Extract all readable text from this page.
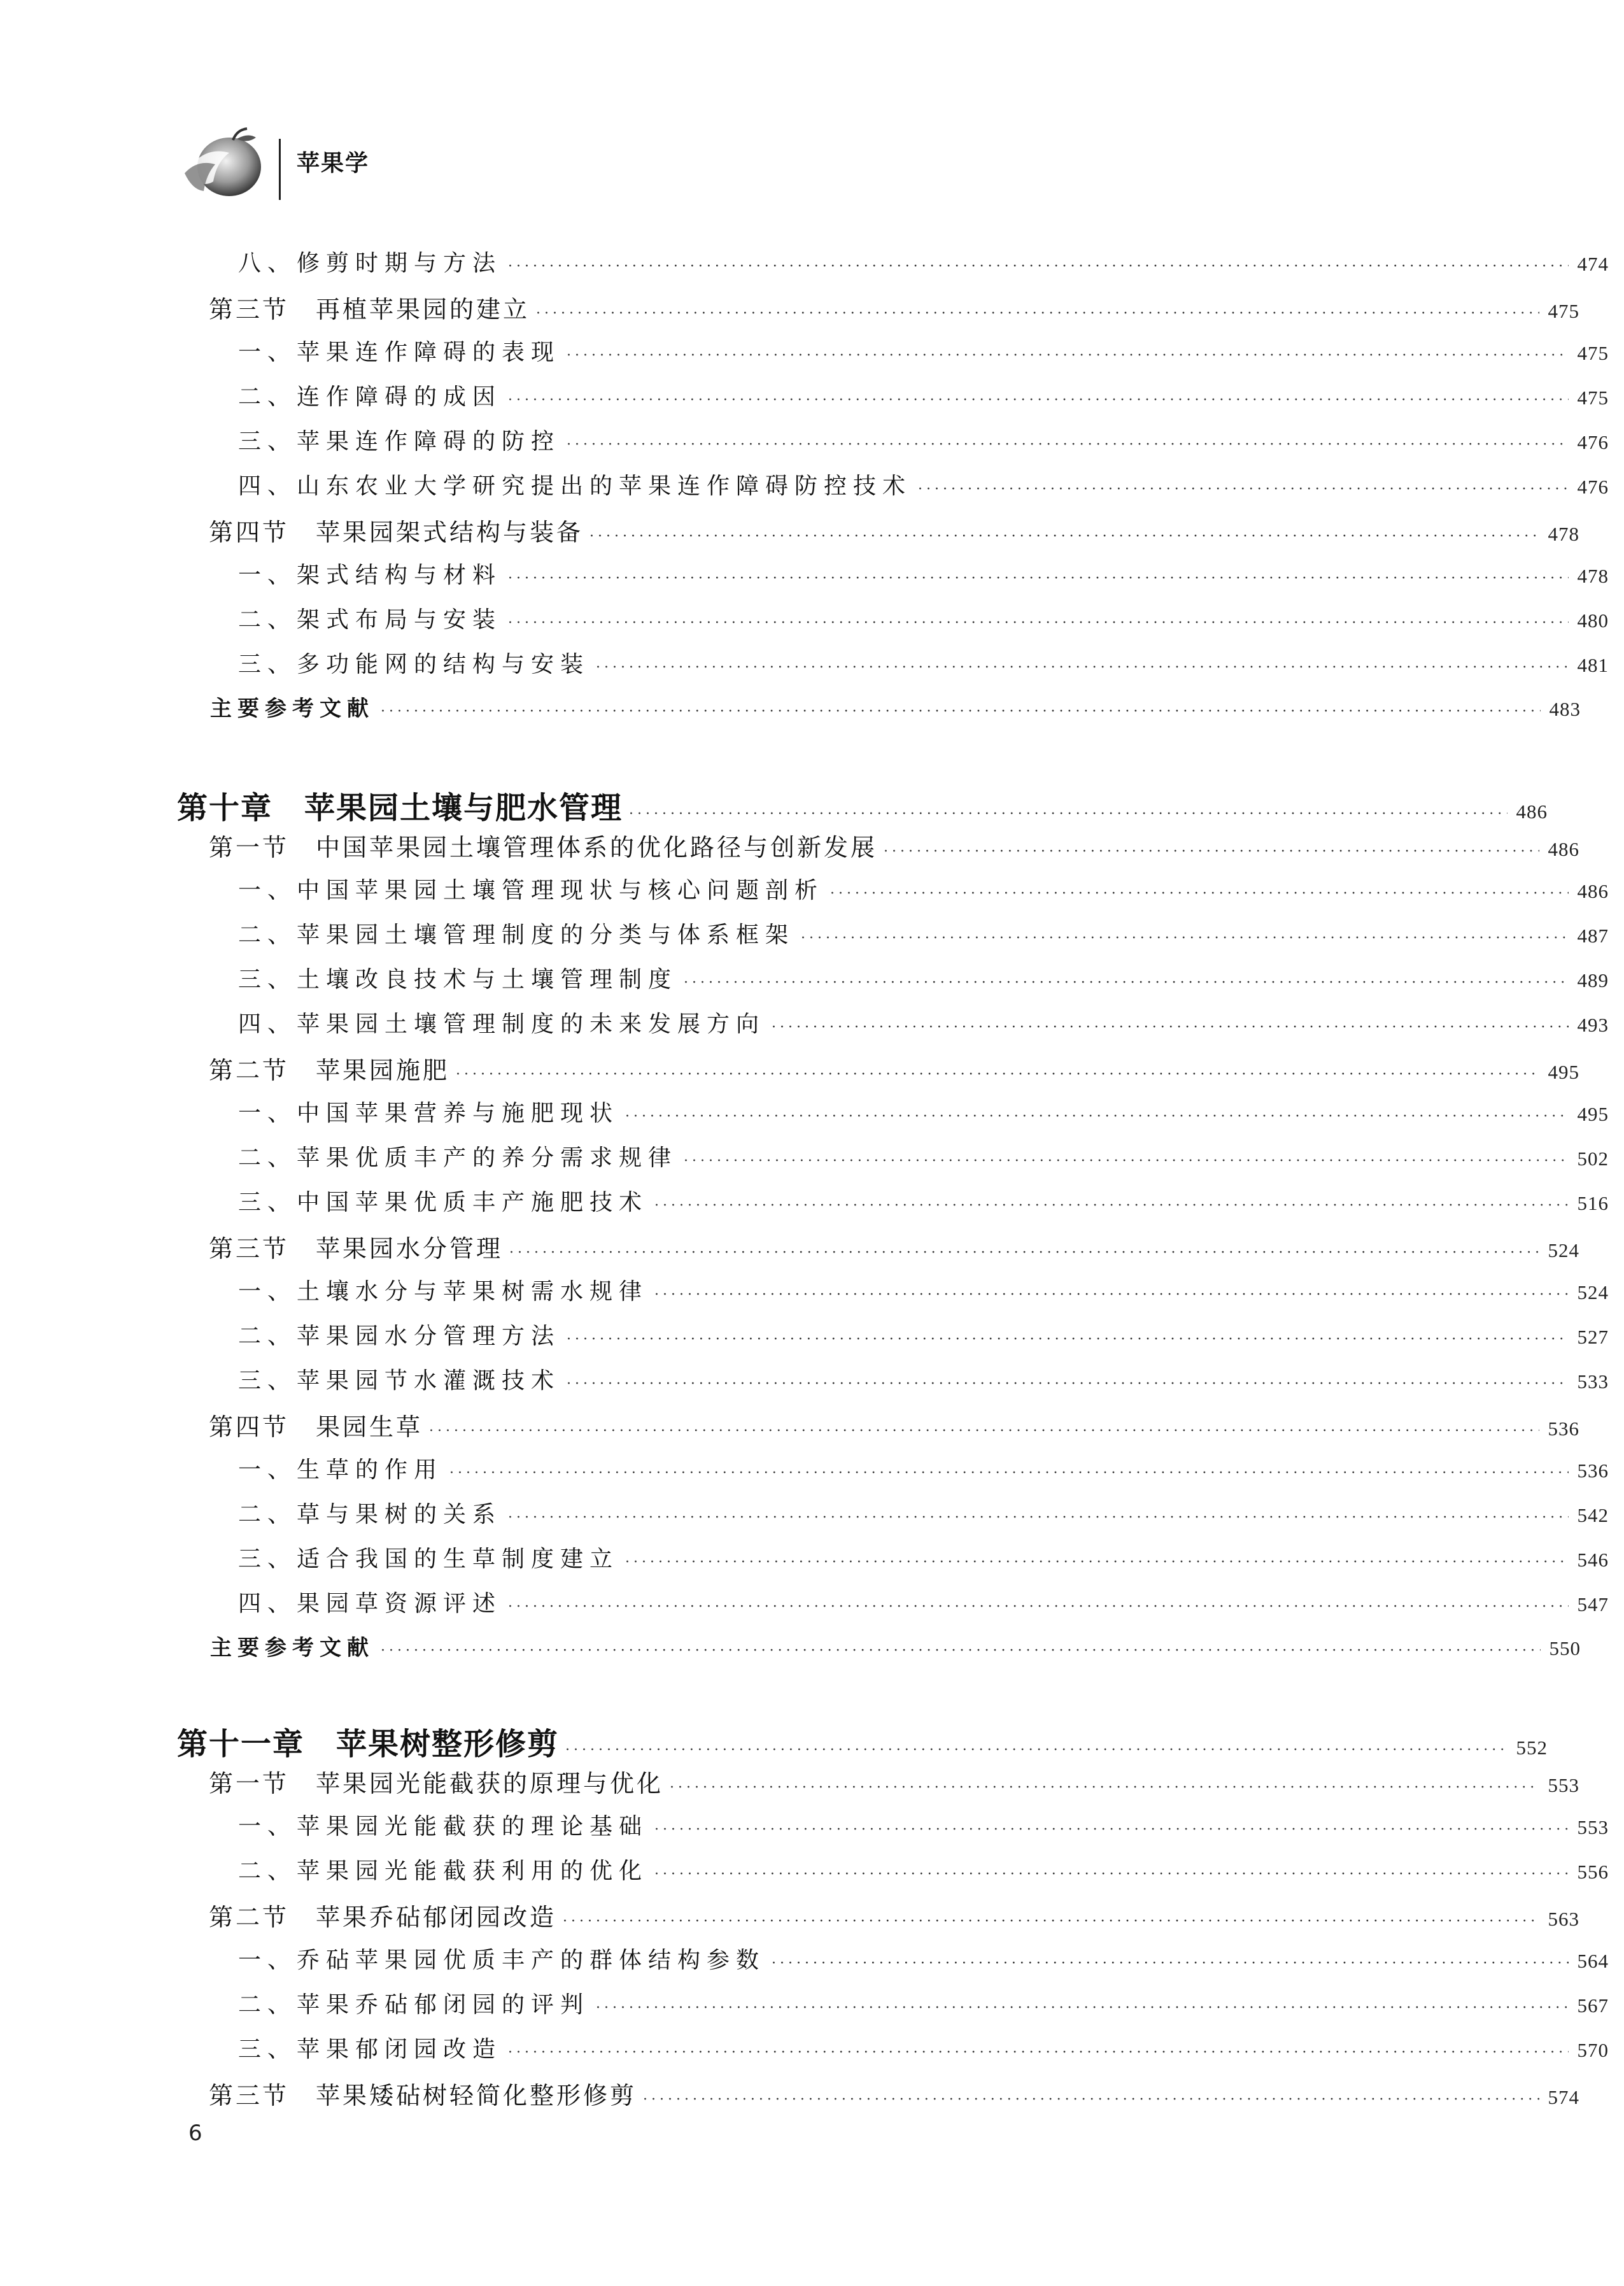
苹果学
八、修剪时期与方法 ·····	474
第三节　再植苹果园的建立 ·····	475
一、苹果连作障碍的表现 ·····	475
二、连作障碍的成因 ·····	475
三、苹果连作障碍的防控 ·····	476
四、山东农业大学研究提出的苹果连作障碍防控技术 ·····	476
第四节　苹果园架式结构与装备 ·····	478
一、架式结构与材料 ·····	478
二、架式布局与安装 ·····	480
三、多功能网的结构与安装 ·····	481
主要参考文献 ·····	483
第十章　苹果园土壤与肥水管理 ·····	486
第一节　中国苹果园土壤管理体系的优化路径与创新发展 ·····	486
一、中国苹果园土壤管理现状与核心问题剖析 ·····	486
二、苹果园土壤管理制度的分类与体系框架 ·····	487
三、土壤改良技术与土壤管理制度 ·····	489
四、苹果园土壤管理制度的未来发展方向 ·····	493
第二节　苹果园施肥 ·····	495
一、中国苹果营养与施肥现状 ·····	495
二、苹果优质丰产的养分需求规律 ·····	502
三、中国苹果优质丰产施肥技术 ·····	516
第三节　苹果园水分管理 ·····	524
一、土壤水分与苹果树需水规律 ·····	524
二、苹果园水分管理方法 ·····	527
三、苹果园节水灌溉技术 ·····	533
第四节　果园生草 ·····	536
一、生草的作用 ·····	536
二、草与果树的关系 ·····	542
三、适合我国的生草制度建立 ·····	546
四、果园草资源评述 ·····	547
主要参考文献 ·····	550
第十一章　苹果树整形修剪 ·····	552
第一节　苹果园光能截获的原理与优化 ·····	553
一、苹果园光能截获的理论基础 ·····	553
二、苹果园光能截获利用的优化 ·····	556
第二节　苹果乔砧郁闭园改造 ·····	563
一、乔砧苹果园优质丰产的群体结构参数 ·····	564
二、苹果乔砧郁闭园的评判 ·····	567
三、苹果郁闭园改造 ·····	570
第三节　苹果矮砧树轻简化整形修剪 ·····	574
6
